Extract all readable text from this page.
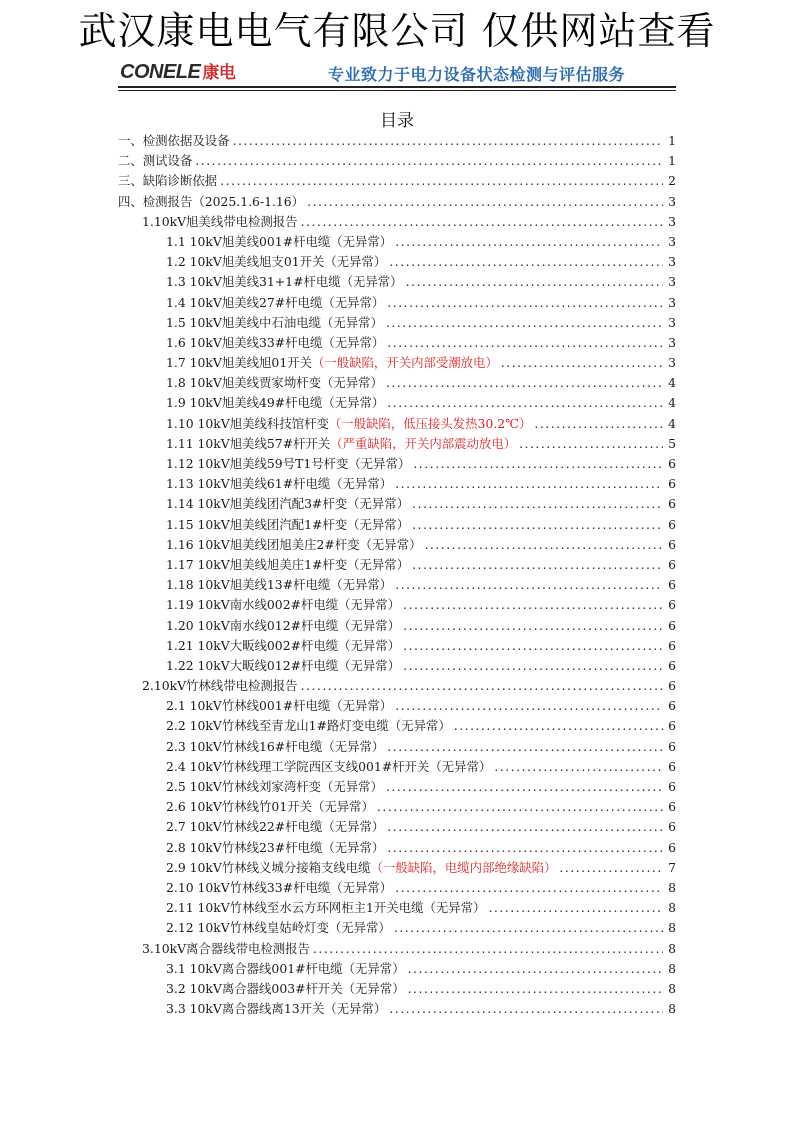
武汉康电电气有限公司 仅供网站查看
CONELE 康电	专业致力于电力设备状态检测与评估服务
目录
一、检测依据及设备 .....	1
二、测试设备 .....	1
三、缺陷诊断依据 .....	2
四、检测报告（2025.1.6-1.16） .....	3
1.10kV旭美线带电检测报告 .....	3
1.1 10kV旭美线001#杆电缆（无异常） .....	3
1.2 10kV旭美线旭支01开关（无异常） .....	3
1.3 10kV旭美线31+1#杆电缆（无异常） .....	3
1.4 10kV旭美线27#杆电缆（无异常） .....	3
1.5 10kV旭美线中石油电缆（无异常） .....	3
1.6 10kV旭美线33#杆电缆（无异常） .....	3
1.7 10kV旭美线旭01开关（一般缺陷，开关内部受潮放电） .....	3
1.8 10kV旭美线贾家坳杆变（无异常） .....	4
1.9 10kV旭美线49#杆电缆（无异常） .....	4
1.10 10kV旭美线科技馆杆变（一般缺陷，低压接头发热30.2℃） .....	4
1.11 10kV旭美线57#杆开关（严重缺陷，开关内部震动放电） .....	5
1.12 10kV旭美线59号T1号杆变（无异常） .....	6
1.13 10kV旭美线61#杆电缆（无异常） .....	6
1.14 10kV旭美线团汽配3#杆变（无异常） .....	6
1.15 10kV旭美线团汽配1#杆变（无异常） .....	6
1.16 10kV旭美线团旭美庄2#杆变（无异常） .....	6
1.17 10kV旭美线旭美庄1#杆变（无异常） .....	6
1.18 10kV旭美线13#杆电缆（无异常） .....	6
1.19 10kV南水线002#杆电缆（无异常） .....	6
1.20 10kV南水线012#杆电缆（无异常） .....	6
1.21 10kV大畈线002#杆电缆（无异常） .....	6
1.22 10kV大畈线012#杆电缆（无异常） .....	6
2.10kV竹林线带电检测报告 .....	6
2.1 10kV竹林线001#杆电缆（无异常） .....	6
2.2 10kV竹林线至青龙山1#路灯变电缆（无异常） .....	6
2.3 10kV竹林线16#杆电缆（无异常） .....	6
2.4 10kV竹林线理工学院西区支线001#杆开关（无异常） .....	6
2.5 10kV竹林线刘家湾杆变（无异常） .....	6
2.6 10kV竹林线竹01开关（无异常） .....	6
2.7 10kV竹林线22#杆电缆（无异常） .....	6
2.8 10kV竹林线23#杆电缆（无异常） .....	6
2.9 10kV竹林线义城分接箱支线电缆（一般缺陷，电缆内部绝缘缺陷） .....	7
2.10 10kV竹林线33#杆电缆（无异常） .....	8
2.11 10kV竹林线至水云方环网柜主1开关电缆（无异常） .....	8
2.12 10kV竹林线皇姑岭灯变（无异常） .....	8
3.10kV离合器线带电检测报告 .....	8
3.1 10kV离合器线001#杆电缆（无异常） .....	8
3.2 10kV离合器线003#杆开关（无异常） .....	8
3.3 10kV离合器线离13开关（无异常） .....	8
